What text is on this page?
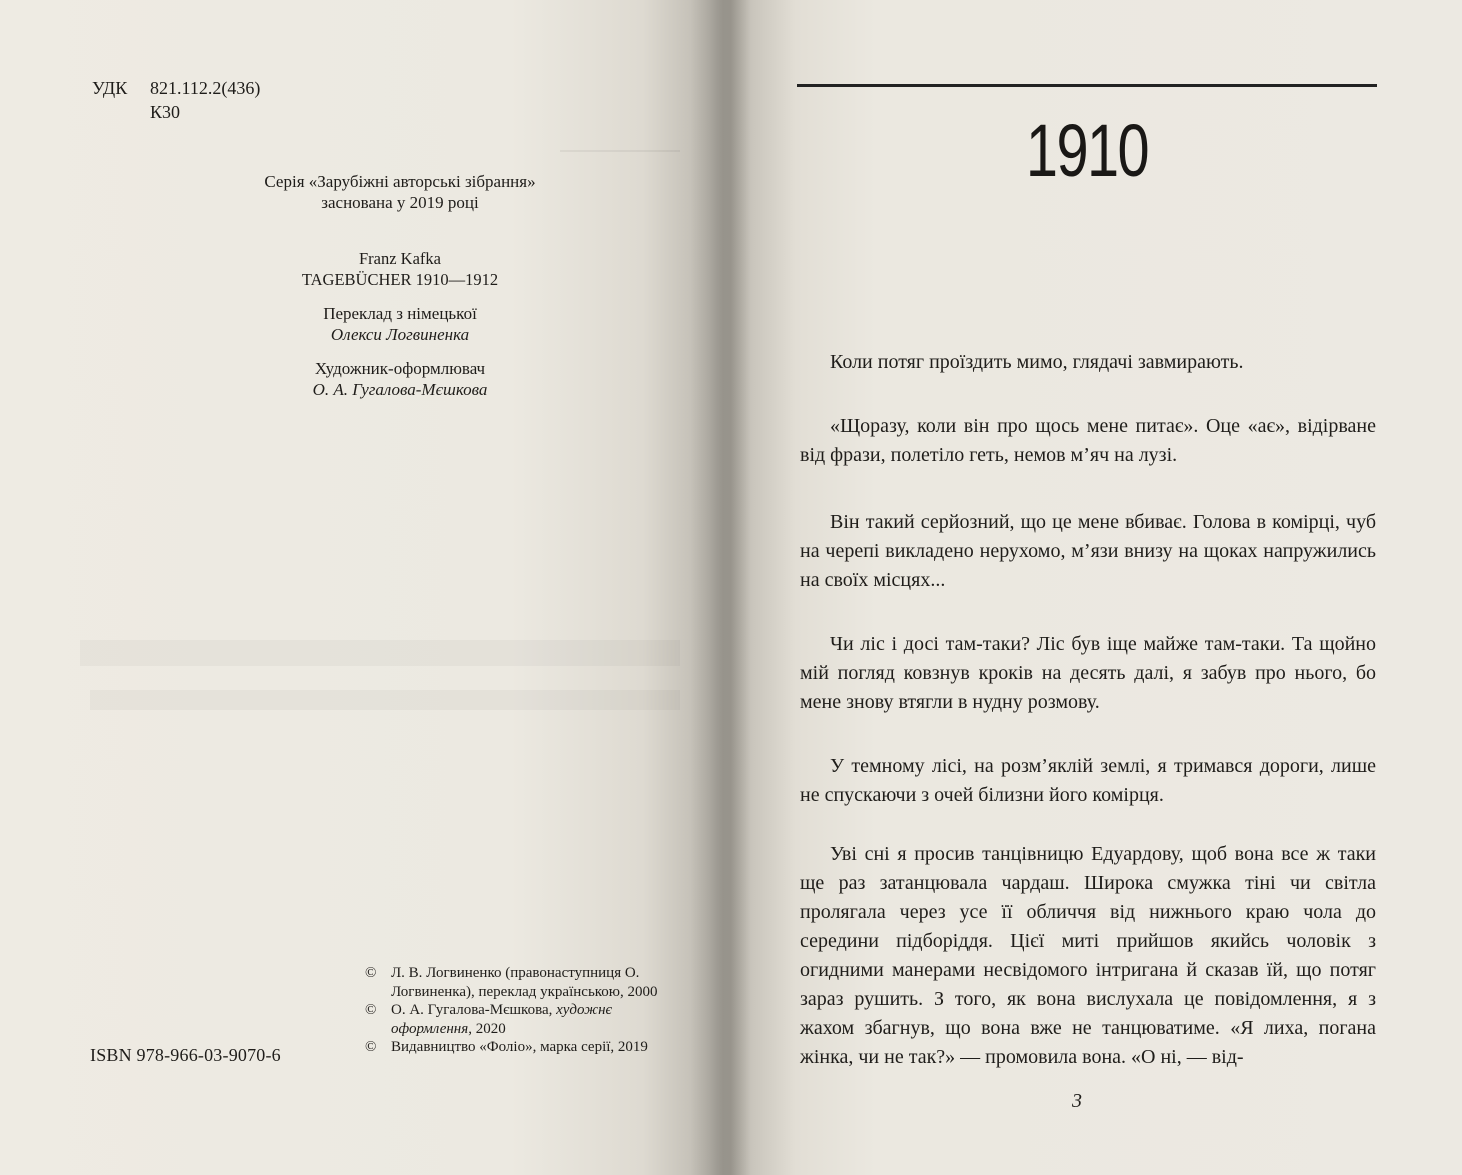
УДК	821.112.2(436)
К30
Серія «Зарубіжні авторські зібрання»
заснована у 2019 році
Franz Kafka
TAGEBÜCHER 1910—1912
Переклад з німецької
Олекси Логвиненка
Художник-оформлювач
О. А. Гугалова-Мєшкова
© Л. В. Логвиненко (правонаступниця О. Логвиненка), переклад українською, 2000
© О. А. Гугалова-Мєшкова, художнє оформлення, 2020
© Видавництво «Фоліо», марка серії, 2019
ISBN 978-966-03-9070-6
1910
Коли потяг проїздить мимо, глядачі завмирають.
«Щоразу, коли він про щось мене питає». Оце «ає», відірване від фрази, полетіло геть, немов м’яч на лузі.
Він такий серйозний, що це мене вбиває. Голова в комірці, чуб на черепі викладено нерухомо, м’язи внизу на щоках напружились на своїх місцях...
Чи ліс і досі там-таки? Ліс був іще майже там-таки. Та щойно мій погляд ковзнув кроків на десять далі, я забув про нього, бо мене знову втягли в нудну розмову.
У темному лісі, на розм’яклій землі, я тримався дороги, лише не спускаючи з очей білизни його комірця.
Уві сні я просив танцівницю Едуардову, щоб вона все ж таки ще раз затанцювала чардаш. Широка смужка тіні чи світла пролягала через усе її обличчя від нижнього краю чола до середини підборіддя. Цієї миті прийшов якийсь чоловік з огидними манерами несвідомого інтригана й сказав їй, що потяг зараз рушить. З того, як вона вислухала це повідомлення, я з жахом збагнув, що вона вже не танцюватиме. «Я лиха, погана жінка, чи не так?» — промовила вона. «О ні, — від-
3
